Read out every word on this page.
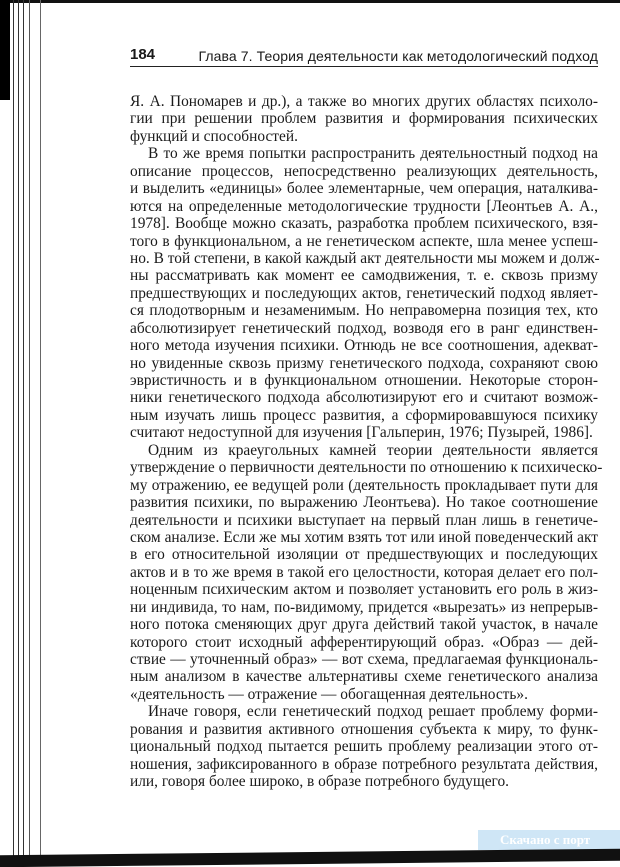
184	Глава 7. Теория деятельности как методологический подход
Я. А. Пономарев и др.), а также во многих других областях психоло-
гии при решении проблем развития и формирования психических
функций и способностей.
В то же время попытки распространить деятельностный подход на
описание процессов, непосредственно реализующих деятельность,
и выделить «единицы» более элементарные, чем операция, наталкива-
ются на определенные методологические трудности [Леонтьев А. А.,
1978]. Вообще можно сказать, разработка проблем психического, взя-
того в функциональном, а не генетическом аспекте, шла менее успеш-
но. В той степени, в какой каждый акт деятельности мы можем и долж-
ны рассматривать как момент ее самодвижения, т. е. сквозь призму
предшествующих и последующих актов, генетический подход являет-
ся плодотворным и незаменимым. Но неправомерна позиция тех, кто
абсолютизирует генетический подход, возводя его в ранг единствен-
ного метода изучения психики. Отнюдь не все соотношения, адекват-
но увиденные сквозь призму генетического подхода, сохраняют свою
эвристичность и в функциональном отношении. Некоторые сторон-
ники генетического подхода абсолютизируют его и считают возмож-
ным изучать лишь процесс развития, а сформировавшуюся психику
считают недоступной для изучения [Гальперин, 1976; Пузырей, 1986].
Одним из краеугольных камней теории деятельности является
утверждение о первичности деятельности по отношению к психическо-
му отражению, ее ведущей роли (деятельность прокладывает пути для
развития психики, по выражению Леонтьева). Но такое соотношение
деятельности и психики выступает на первый план лишь в генетиче-
ском анализе. Если же мы хотим взять тот или иной поведенческий акт
в его относительной изоляции от предшествующих и последующих
актов и в то же время в такой его целостности, которая делает его пол-
ноценным психическим актом и позволяет установить его роль в жиз-
ни индивида, то нам, по-видимому, придется «вырезать» из непрерыв-
ного потока сменяющих друг друга действий такой участок, в начале
которого стоит исходный афферентирующий образ. «Образ — дей-
ствие — уточненный образ» — вот схема, предлагаемая функциональ-
ным анализом в качестве альтернативы схеме генетического анализа
«деятельность — отражение — обогащенная деятельность».
Иначе говоря, если генетический подход решает проблему форми-
рования и развития активного отношения субъекта к миру, то функ-
циональный подход пытается решить проблему реализации этого от-
ношения, зафиксированного в образе потребного результата действия,
или, говоря более широко, в образе потребного будущего.
Скачано с порт
